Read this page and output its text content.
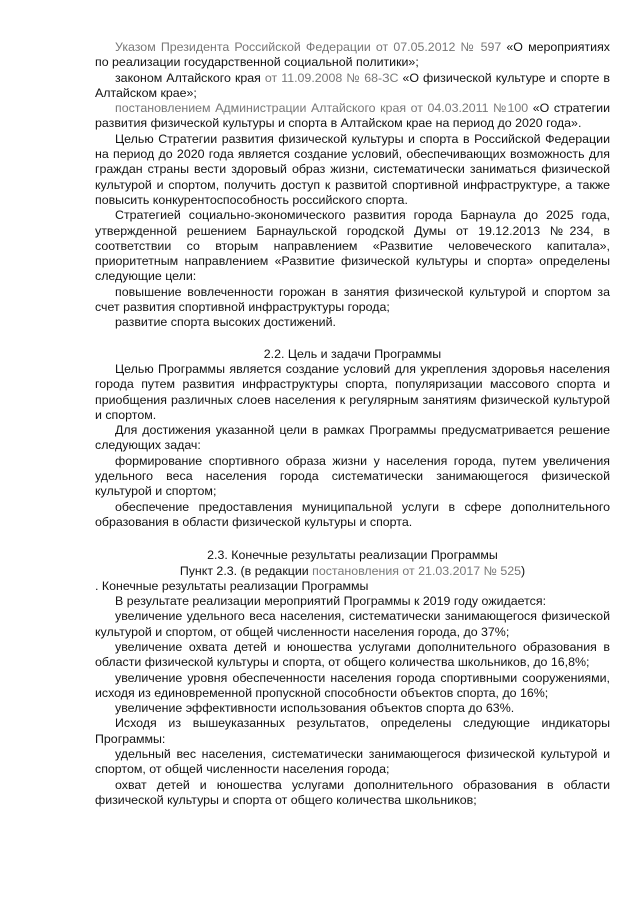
Указом Президента Российской Федерации от 07.05.2012 № 597 «О мероприятиях по реализации государственной социальной политики»;

законом Алтайского края от 11.09.2008 № 68-ЗС «О физической культуре и спорте в Алтайском крае»;

постановлением Администрации Алтайского края от 04.03.2011 №100 «О стратегии развития физической культуры и спорта в Алтайском крае на период до 2020 года».

Целью Стратегии развития физической культуры и спорта в Российской Федерации на период до 2020 года является создание условий, обеспечивающих возможность для граждан страны вести здоровый образ жизни, систематически заниматься физической культурой и спортом, получить доступ к развитой спортивной инфраструктуре, а также повысить конкурентоспособность российского спорта.

Стратегией социально-экономического развития города Барнаула до 2025 года, утвержденной решением Барнаульской городской Думы от 19.12.2013 №234, в соответствии со вторым направлением «Развитие человеческого капитала», приоритетным направлением «Развитие физической культуры и спорта» определены следующие цели:

повышение вовлеченности горожан в занятия физической культурой и спортом за счет развития спортивной инфраструктуры города;

развитие спорта высоких достижений.

2.2. Цель и задачи Программы

Целью Программы является создание условий для укрепления здоровья населения города путем развития инфраструктуры спорта, популяризации массового спорта и приобщения различных слоев населения к регулярным занятиям физической культурой и спортом.

Для достижения указанной цели в рамках Программы предусматривается решение следующих задач:

формирование спортивного образа жизни у населения города, путем увеличения удельного веса населения города систематически занимающегося физической культурой и спортом;

обеспечение предоставления муниципальной услуги в сфере дополнительного образования в области физической культуры и спорта.

2.3. Конечные результаты реализации Программы

Пункт 2.3. (в редакции постановления от 21.03.2017 № 525)

. Конечные результаты реализации Программы

В результате реализации мероприятий Программы к 2019 году ожидается:

увеличение удельного веса населения, систематически занимающегося физической культурой и спортом, от общей численности населения города, до 37%;

увеличение охвата детей и юношества услугами дополнительного образования в области физической культуры и спорта, от общего количества школьников, до 16,8%;

увеличение уровня обеспеченности населения города спортивными сооружениями, исходя из единовременной пропускной способности объектов спорта, до 16%;

увеличение эффективности использования объектов спорта до 63%.

Исходя из вышеуказанных результатов, определены следующие индикаторы Программы:

удельный вес населения, систематически занимающегося физической культурой и спортом, от общей численности населения города;

охват детей и юношества услугами дополнительного образования в области физической культуры и спорта от общего количества школьников;
